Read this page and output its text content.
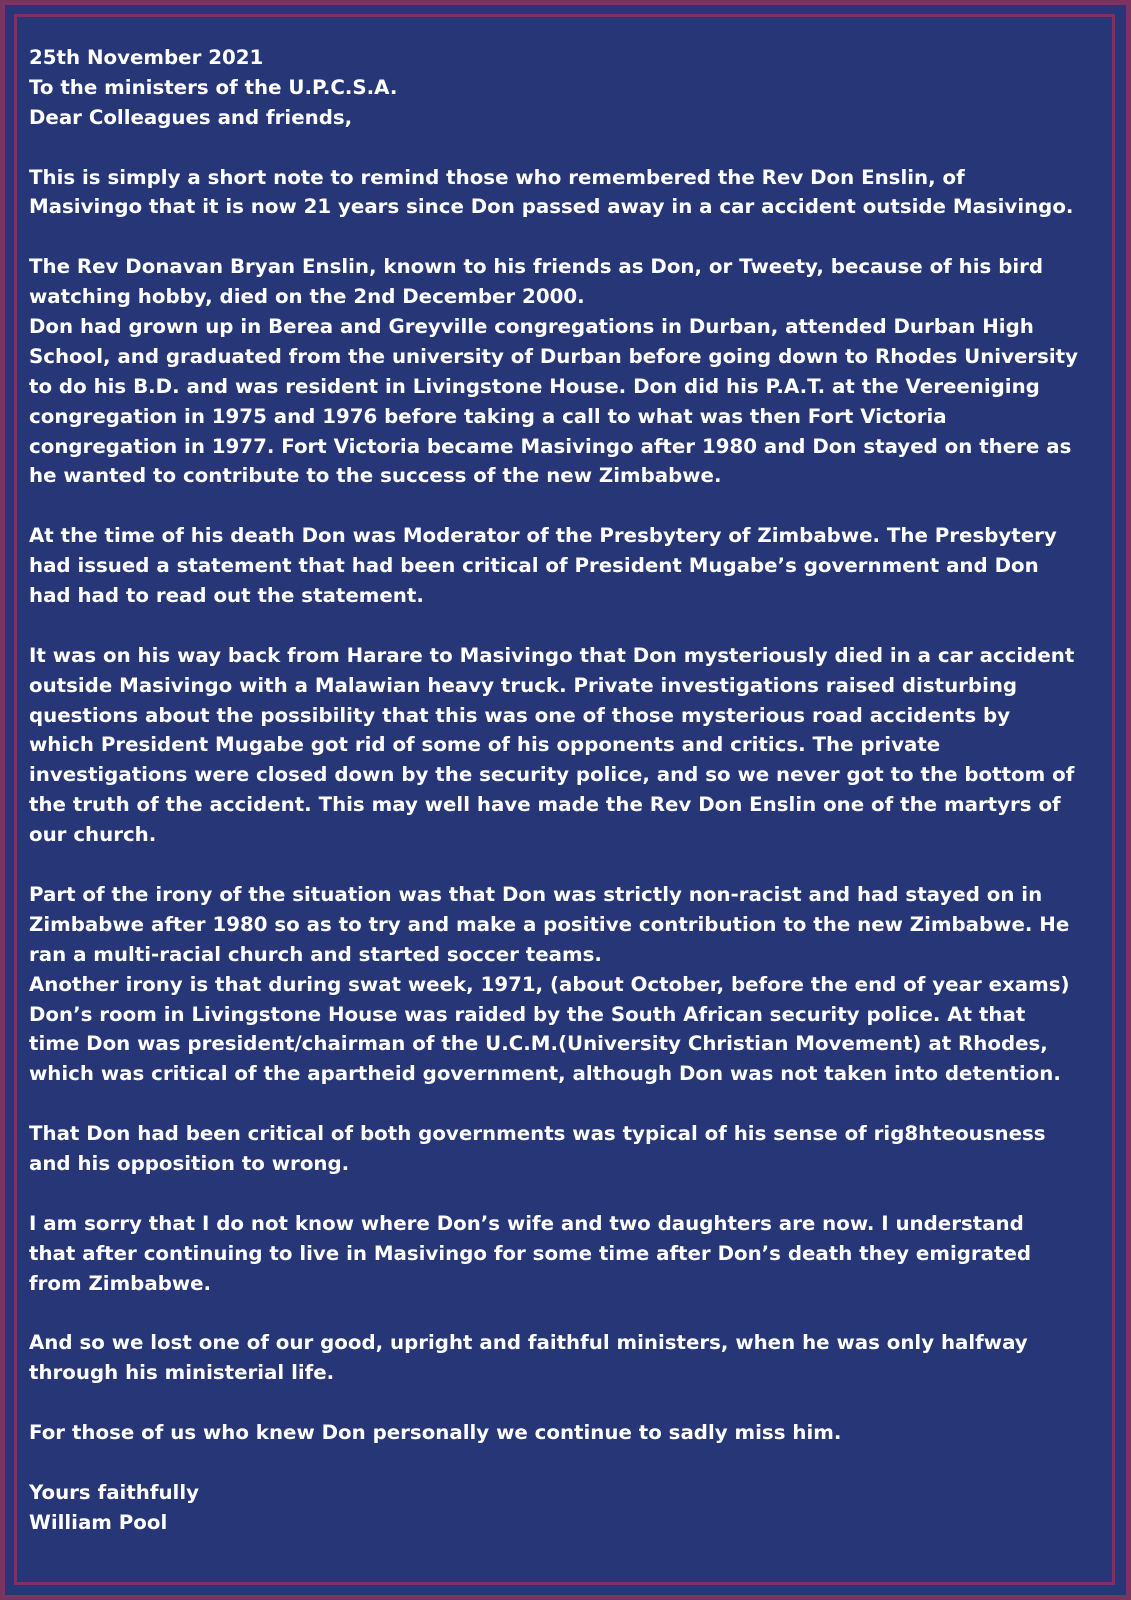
25th November 2021
To the ministers of the U.P.C.S.A.
Dear Colleagues and friends,
This is simply a short note to remind those who remembered the Rev Don Enslin, of
Masivingo that it is now 21 years since Don passed away in a car accident outside Masivingo.
The Rev Donavan Bryan Enslin, known to his friends as Don, or Tweety, because of his bird
watching hobby, died on the 2nd December 2000.
Don had grown up in Berea and Greyville congregations in Durban, attended Durban High
School, and graduated from the university of Durban before going down to Rhodes University
to do his B.D. and was resident in Livingstone House. Don did his P.A.T. at the Vereeniging
congregation in 1975 and 1976 before taking a call to what was then Fort Victoria
congregation in 1977. Fort Victoria became Masivingo after 1980 and Don stayed on there as
he wanted to contribute to the success of the new Zimbabwe.
At the time of his death Don was Moderator of the Presbytery of Zimbabwe. The Presbytery
had issued a statement that had been critical of President Mugabe’s government and Don
had had to read out the statement.
It was on his way back from Harare to Masivingo that Don mysteriously died in a car accident
outside Masivingo with a Malawian heavy truck. Private investigations raised disturbing
questions about the possibility that this was one of those mysterious road accidents by
which President Mugabe got rid of some of his opponents and critics. The private
investigations were closed down by the security police, and so we never got to the bottom of
the truth of the accident. This may well have made the Rev Don Enslin one of the martyrs of
our church.
Part of the irony of the situation was that Don was strictly non-racist and had stayed on in
Zimbabwe after 1980 so as to try and make a positive contribution to the new Zimbabwe. He
ran a multi-racial church and started soccer teams.
Another irony is that during swat week, 1971, (about October, before the end of year exams)
Don’s room in Livingstone House was raided by the South African security police. At that
time Don was president/chairman of the U.C.M.(University Christian Movement) at Rhodes,
which was critical of the apartheid government, although Don was not taken into detention.
That Don had been critical of both governments was typical of his sense of rig8hteousness
and his opposition to wrong.
I am sorry that I do not know where Don’s wife and two daughters are now. I understand
that after continuing to live in Masivingo for some time after Don’s death they emigrated
from Zimbabwe.
And so we lost one of our good, upright and faithful ministers, when he was only halfway
through his ministerial life.
For those of us who knew Don personally we continue to sadly miss him.
Yours faithfully
William Pool
